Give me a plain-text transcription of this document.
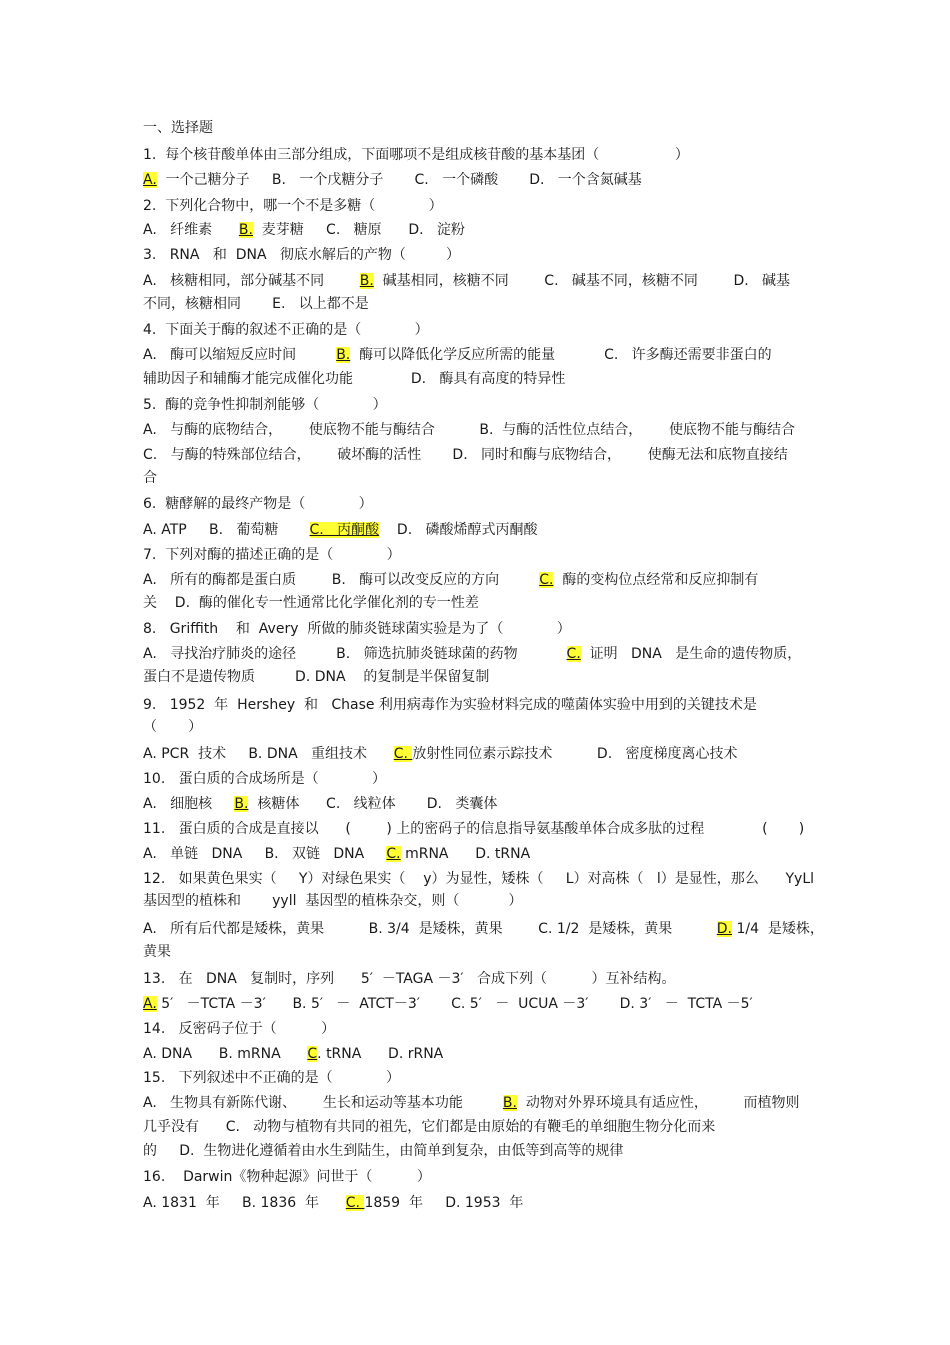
一、选择题
1.  每个核苷酸单体由三部分组成，下面哪项不是组成核苷酸的基本基团（                 ）
A.  一个己糖分子     B.   一个戊糖分子       C.   一个磷酸       D.   一个含氮碱基
2.  下列化合物中，哪一个不是多糖（            ）
A.   纤维素      B.  麦芽糖     C.   糖原      D.   淀粉
3.   RNA   和  DNA   彻底水解后的产物（         ）
A.   核糖相同，部分碱基不同        B.  碱基相同，核糖不同        C.   碱基不同，核糖不同        D.   碱基
不同，核糖相同       E.   以上都不是
4.  下面关于酶的叙述不正确的是（            ）
A.   酶可以缩短反应时间         B.  酶可以降低化学反应所需的能量           C.   许多酶还需要非蛋白的
辅助因子和辅酶才能完成催化功能             D.   酶具有高度的特异性
5.  酶的竞争性抑制剂能够（            ）
A.   与酶的底物结合，      使底物不能与酶结合          B.  与酶的活性位点结合，      使底物不能与酶结合
C.   与酶的特殊部位结合，      破坏酶的活性       D.   同时和酶与底物结合，      使酶无法和底物直接结
合
6.  糖酵解的最终产物是（            ）
A. ATP     B.   葡萄糖       C.   丙酮酸    D.   磷酸烯醇式丙酮酸
7.  下列对酶的描述正确的是（            ）
A.   所有的酶都是蛋白质        B.   酶可以改变反应的方向         C.  酶的变构位点经常和反应抑制有
关    D.  酶的催化专一性通常比化学催化剂的专一性差
8.   Griffith    和  Avery  所做的肺炎链球菌实验是为了（            ）
A.   寻找治疗肺炎的途径         B.   筛选抗肺炎链球菌的药物           C.  证明   DNA   是生命的遗传物质，
蛋白不是遗传物质         D. DNA    的复制是半保留复制
9.   1952  年  Hershey  和   Chase 利用病毒作为实验材料完成的噬菌体实验中用到的关键技术是
（       ）
A. PCR  技术     B. DNA   重组技术      C. 放射性同位素示踪技术          D.   密度梯度离心技术
10.   蛋白质的合成场所是（            ）
A.   细胞核     B.  核糖体      C.   线粒体       D.   类囊体
11.   蛋白质的合成是直接以      (        ) 上的密码子的信息指导氨基酸单体合成多肽的过程             (       )
A.   单链   DNA     B.   双链   DNA     C. mRNA      D. tRNA
12.   如果黄色果实（     Y）对绿色果实（    y）为显性，矮株（     L）对高株（   l）是显性，那么      YyLl
基因型的植株和       yyll  基因型的植株杂交，则（           ）
A.   所有后代都是矮株，黄果          B. 3/4  是矮株，黄果        C. 1/2  是矮株，黄果          D. 1/4  是矮株，
黄果
13.   在   DNA   复制时，序列      5′  －TAGA －3′   合成下列（          ）互补结构。
A. 5′   －TCTA －3′      B. 5′   －  ATCT－3′       C. 5′   －  UCUA －3′       D. 3′   －  TCTA －5′
14.   反密码子位于（          ）
A. DNA      B. mRNA      C. tRNA      D. rRNA
15.   下列叙述中不正确的是（            ）
A.   生物具有新陈代谢、      生长和运动等基本功能         B.  动物对外界环境具有适应性，        而植物则
几乎没有      C.   动物与植物有共同的祖先，它们都是由原始的有鞭毛的单细胞生物分化而来
的     D.  生物进化遵循着由水生到陆生，由简单到复杂，由低等到高等的规律
16.    Darwin《物种起源》问世于（          ）
A. 1831  年     B. 1836  年      C. 1859  年     D. 1953  年
